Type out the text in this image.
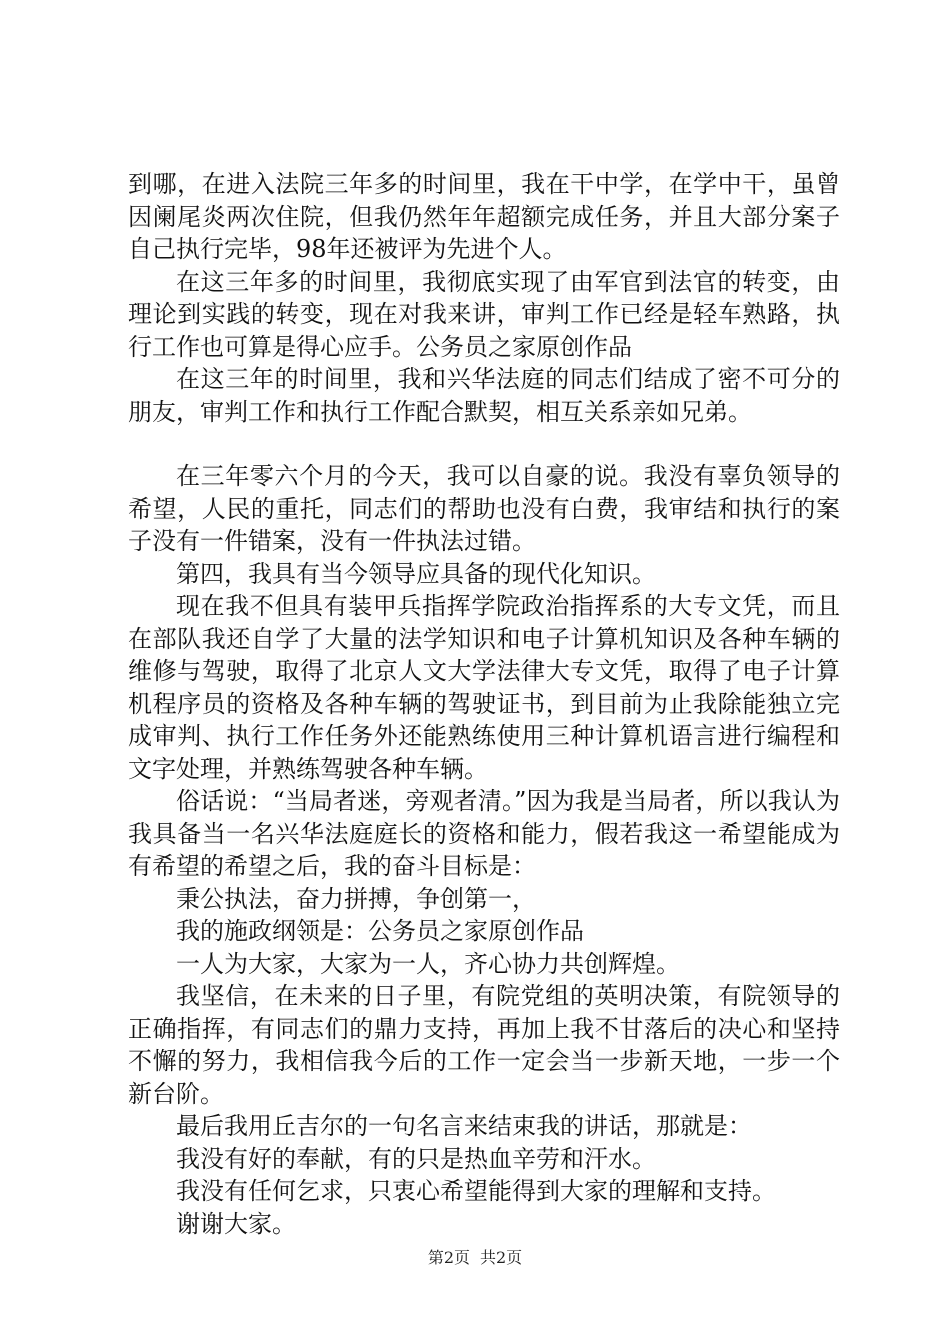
到哪，在进入法院三年多的时间里，我在干中学，在学中干，虽曾因阑尾炎两次住院，但我仍然年年超额完成任务，并且大部分案子自己执行完毕，98年还被评为先进个人。

在这三年多的时间里，我彻底实现了由军官到法官的转变，由理论到实践的转变，现在对我来讲，审判工作已经是轻车熟路，执行工作也可算是得心应手。公务员之家原创作品

在这三年的时间里，我和兴华法庭的同志们结成了密不可分的朋友，审判工作和执行工作配合默契，相互关系亲如兄弟。

在三年零六个月的今天，我可以自豪的说。我没有辜负领导的希望，人民的重托，同志们的帮助也没有白费，我审结和执行的案子没有一件错案，没有一件执法过错。

第四，我具有当今领导应具备的现代化知识。

现在我不但具有装甲兵指挥学院政治指挥系的大专文凭，而且在部队我还自学了大量的法学知识和电子计算机知识及各种车辆的维修与驾驶，取得了北京人文大学法律大专文凭，取得了电子计算机程序员的资格及各种车辆的驾驶证书，到目前为止我除能独立完成审判、执行工作任务外还能熟练使用三种计算机语言进行编程和文字处理，并熟练驾驶各种车辆。

俗话说：“当局者迷，旁观者清。”因为我是当局者，所以我认为我具备当一名兴华法庭庭长的资格和能力，假若我这一希望能成为有希望的希望之后，我的奋斗目标是：

秉公执法，奋力拼搏，争创第一，

我的施政纲领是：公务员之家原创作品

一人为大家，大家为一人，齐心协力共创辉煌。

我坚信，在未来的日子里，有院党组的英明决策，有院领导的正确指挥，有同志们的鼎力支持，再加上我不甘落后的决心和坚持不懈的努力，我相信我今后的工作一定会当一步新天地，一步一个新台阶。

最后我用丘吉尔的一句名言来结束我的讲话，那就是：

我没有好的奉献，有的只是热血辛劳和汗水。

我没有任何乞求，只衷心希望能得到大家的理解和支持。

谢谢大家。

第2页 共2页
